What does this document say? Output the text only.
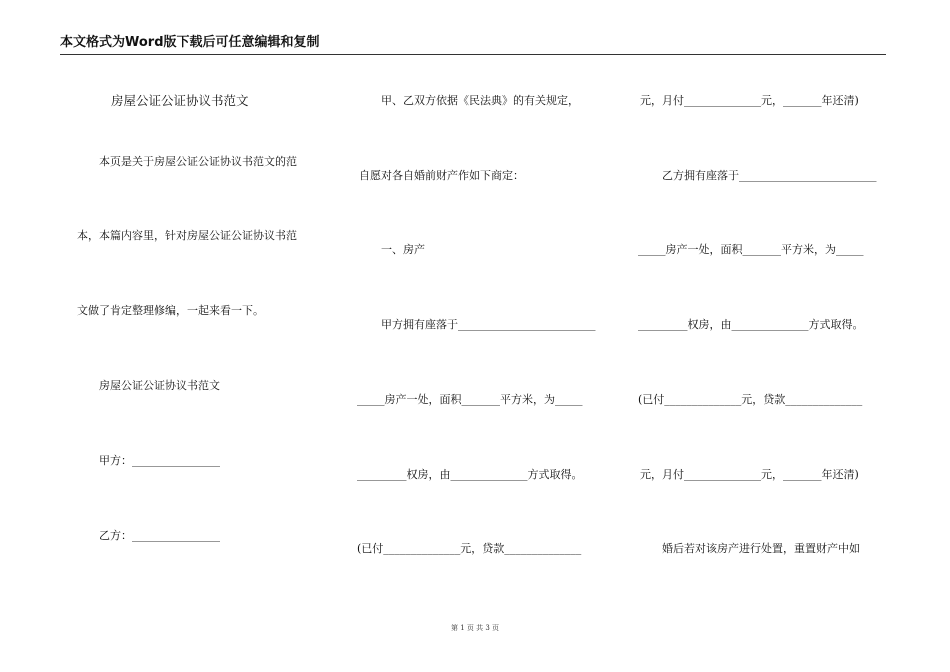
本文格式为Word版下载后可任意编辑和复制
房屋公证公证协议书范文
本页是关于房屋公证公证协议书范文的范
本，本篇内容里，针对房屋公证公证协议书范
文做了肯定整理修编，一起来看一下。
房屋公证公证协议书范文
甲方：________________
乙方：________________
甲、乙双方依据《民法典》的有关规定，
自愿对各自婚前财产作如下商定：
一、房产
甲方拥有座落于_________________________
_____房产一处，面积_______平方米，为_____
_________权房，由______________方式取得。
(已付______________元，贷款______________
元，月付______________元，_______年还清)
乙方拥有座落于_________________________
_____房产一处，面积_______平方米，为_____
_________权房，由______________方式取得。
(已付______________元，贷款______________
元，月付______________元，_______年还清)
婚后若对该房产进行处置，重置财产中如
第 1 页 共 3 页
